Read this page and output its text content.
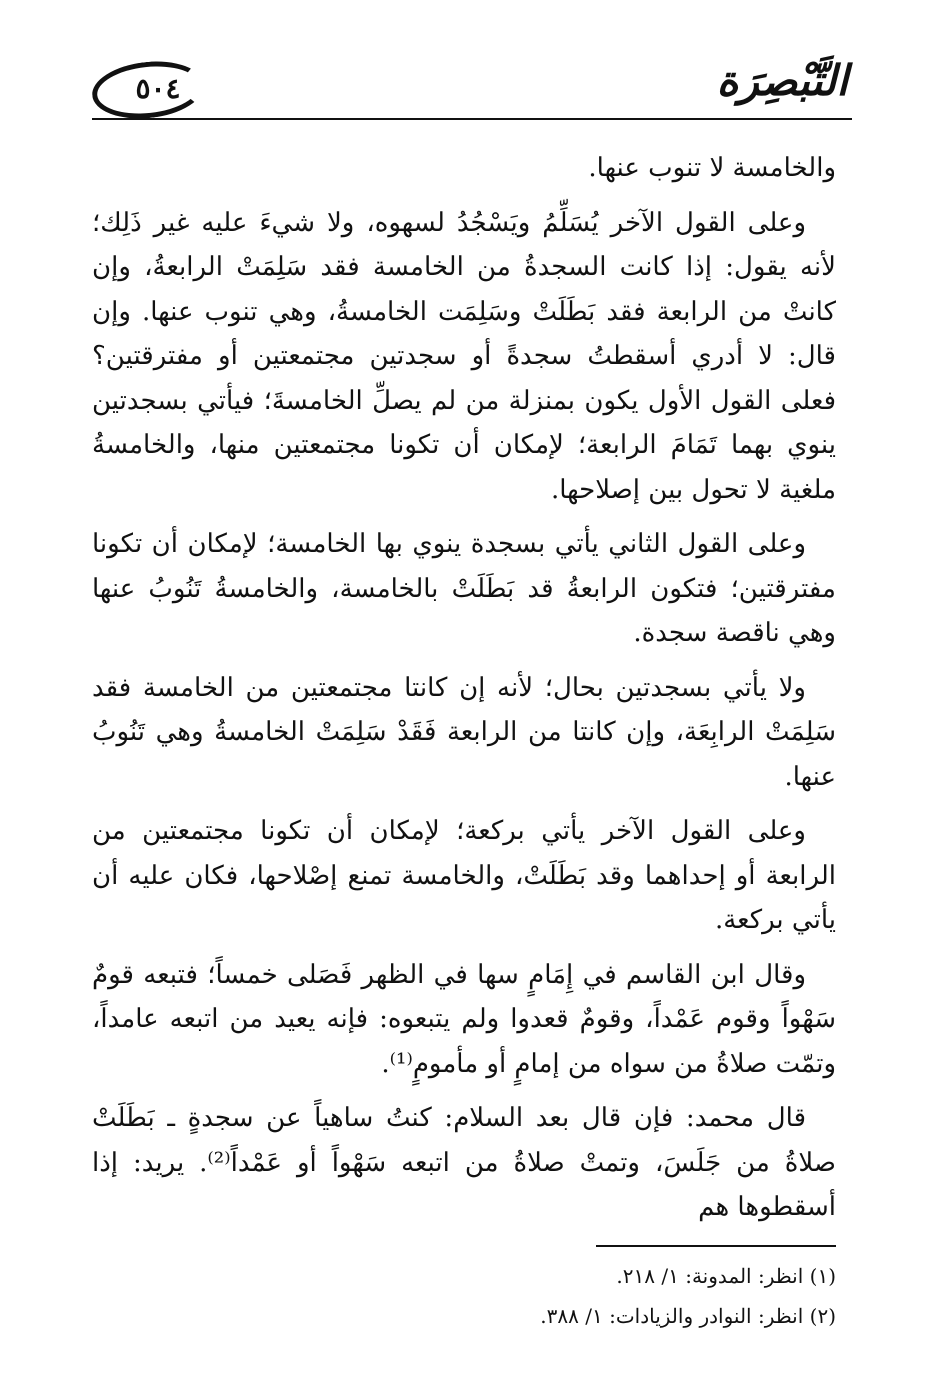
٥٠٤	التَّبْصِرَة

والخامسة لا تنوب عنها.

وعلى القول الآخر يُسَلِّمُ ويَسْجُدُ لسهوه، ولا شيءَ عليه غير ذَلِك؛ لأنه يقول: إذا كانت السجدةُ من الخامسة فقد سَلِمَتْ الرابعةُ، وإن كانتْ من الرابعة فقد بَطَلَتْ وسَلِمَت الخامسةُ، وهي تنوب عنها. وإن قال: لا أدري أسقطتُ سجدةً أو سجدتين مجتمعتين أو مفترقتين؟ فعلى القول الأول يكون بمنزلة من لم يصلِّ الخامسةَ؛ فيأتي بسجدتين ينوي بهما تَمَامَ الرابعة؛ لإمكان أن تكونا مجتمعتين منها، والخامسةُ ملغية لا تحول بين إصلاحها.

وعلى القول الثاني يأتي بسجدة ينوي بها الخامسة؛ لإمكان أن تكونا مفترقتين؛ فتكون الرابعةُ قد بَطَلَتْ بالخامسة، والخامسةُ تَنُوبُ عنها وهي ناقصة سجدة.

ولا يأتي بسجدتين بحال؛ لأنه إن كانتا مجتمعتين من الخامسة فقد سَلِمَتْ الرابِعَة، وإن كانتا من الرابعة فَقَدْ سَلِمَتْ الخامسةُ وهي تَنُوبُ عنها.

وعلى القول الآخر يأتي بركعة؛ لإمكان أن تكونا مجتمعتين من الرابعة أو إحداهما وقد بَطَلَتْ، والخامسة تمنع إصْلاحها، فكان عليه أن يأتي بركعة.

وقال ابن القاسم في إِمَامٍ سها في الظهر فَصَلى خمساً؛ فتبعه قومٌ سَهْواً وقوم عَمْداً، وقومٌ قعدوا ولم يتبعوه: فإنه يعيد من اتبعه عامداً، وتمّت صلاةُ من سواه من إمامٍ أو مأمومٍ⁽¹⁾.

قال محمد: فإن قال بعد السلام: كنتُ ساهياً عن سجدةٍ ـ بَطَلَتْ صلاةُ من جَلَسَ، وتمتْ صلاةُ من اتبعه سَهْواً أو عَمْداً⁽²⁾. يريد: إذا أسقطوها هم

(١) انظر: المدونة: ١/ ٢١٨.

(٢) انظر: النوادر والزيادات: ١/ ٣٨٨.
